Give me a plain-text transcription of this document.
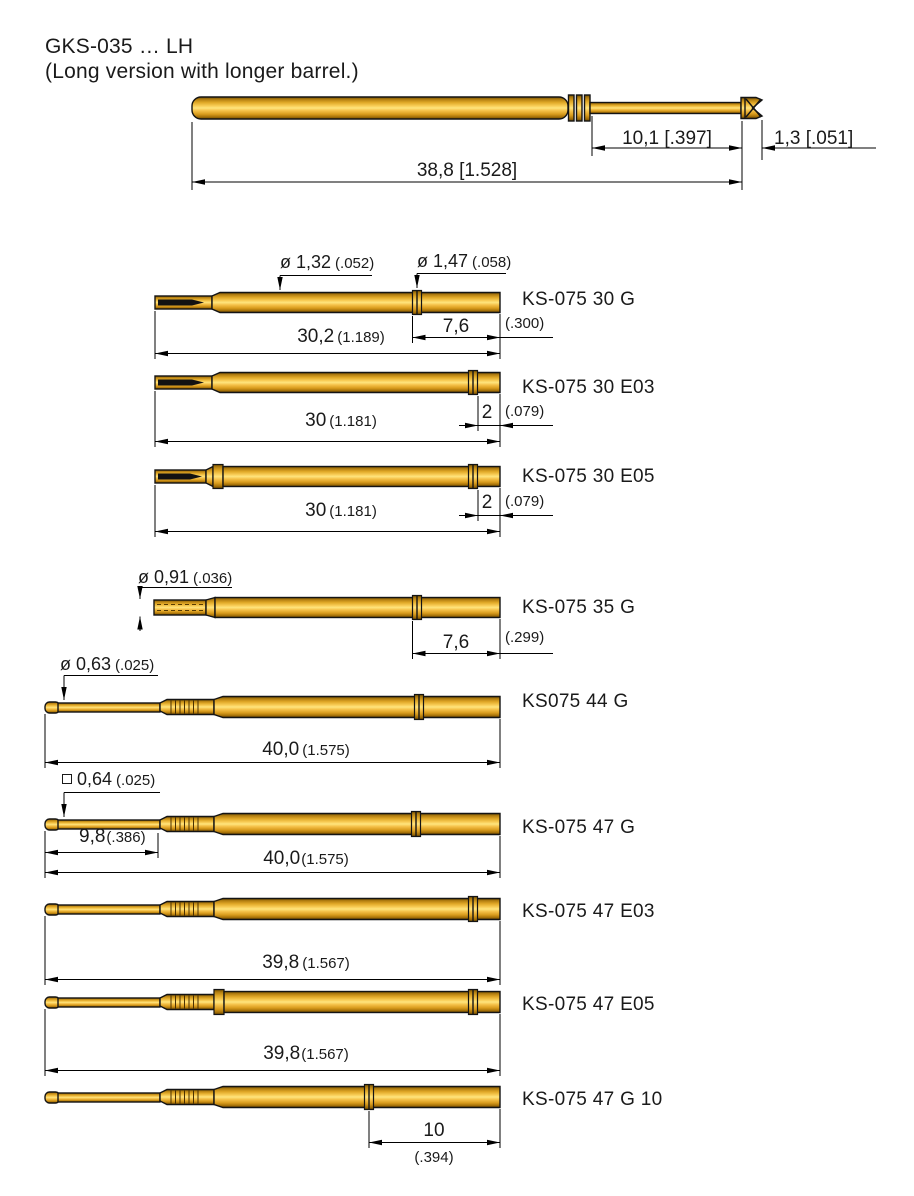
GKS-035 … LH
(Long version with longer barrel.)
10,1 [.397]	1,3 [.051]
38,8 [1.528]
ø 1,32 (.052) ø 1,47 (.058)
KS-075 30 G
30,2 (1.189)
7,6 (.300)
KS-075 30 E03
30 (1.181)	2 (.079)
KS-075 30 E05
30 (1.181)	2 (.079)
ø 0,91 (.036)
KS-075 35 G
7,6 (.299)
ø 0,63 (.025)
KS075 44 G
40,0 (1.575)
0,64 (.025)
KS-075 47 G
9,8(.386)
40,0(1.575)
KS-075 47 E03
39,8 (1.567)
KS-075 47 E05
39,8(1.567)
KS-075 47 G 10
10
(.394)
